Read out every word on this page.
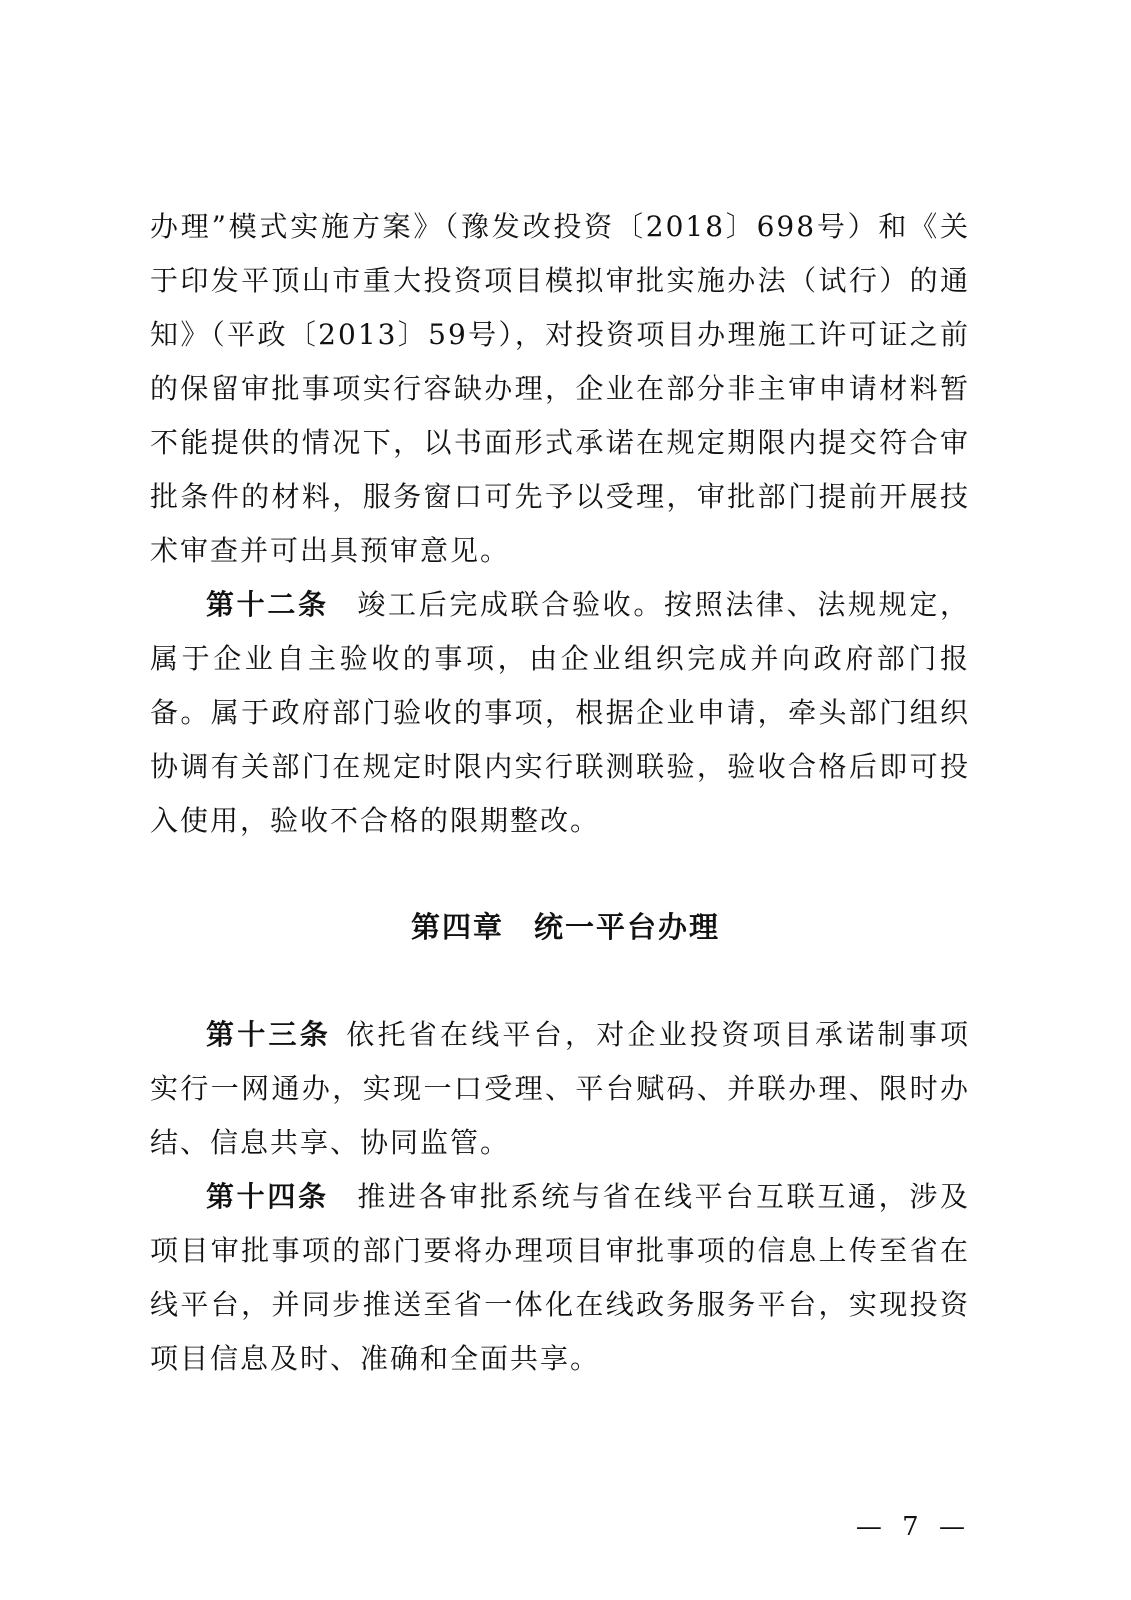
办理”模式实施方案》（豫发改投资〔2018〕698号）和《关于印发平顶山市重大投资项目模拟审批实施办法（试行）的通知》（平政〔2013〕59号），对投资项目办理施工许可证之前的保留审批事项实行容缺办理，企业在部分非主审申请材料暂不能提供的情况下，以书面形式承诺在规定期限内提交符合审批条件的材料，服务窗口可先予以受理，审批部门提前开展技术审查并可出具预审意见。

第十二条 竣工后完成联合验收。按照法律、法规规定，属于企业自主验收的事项，由企业组织完成并向政府部门报备。属于政府部门验收的事项，根据企业申请，牵头部门组织协调有关部门在规定时限内实行联测联验，验收合格后即可投入使用，验收不合格的限期整改。

第四章 统一平台办理

第十三条 依托省在线平台，对企业投资项目承诺制事项实行一网通办，实现一口受理、平台赋码、并联办理、限时办结、信息共享、协同监管。

第十四条 推进各审批系统与省在线平台互联互通，涉及项目审批事项的部门要将办理项目审批事项的信息上传至省在线平台，并同步推送至省一体化在线政务服务平台，实现投资项目信息及时、准确和全面共享。

— 7 —
